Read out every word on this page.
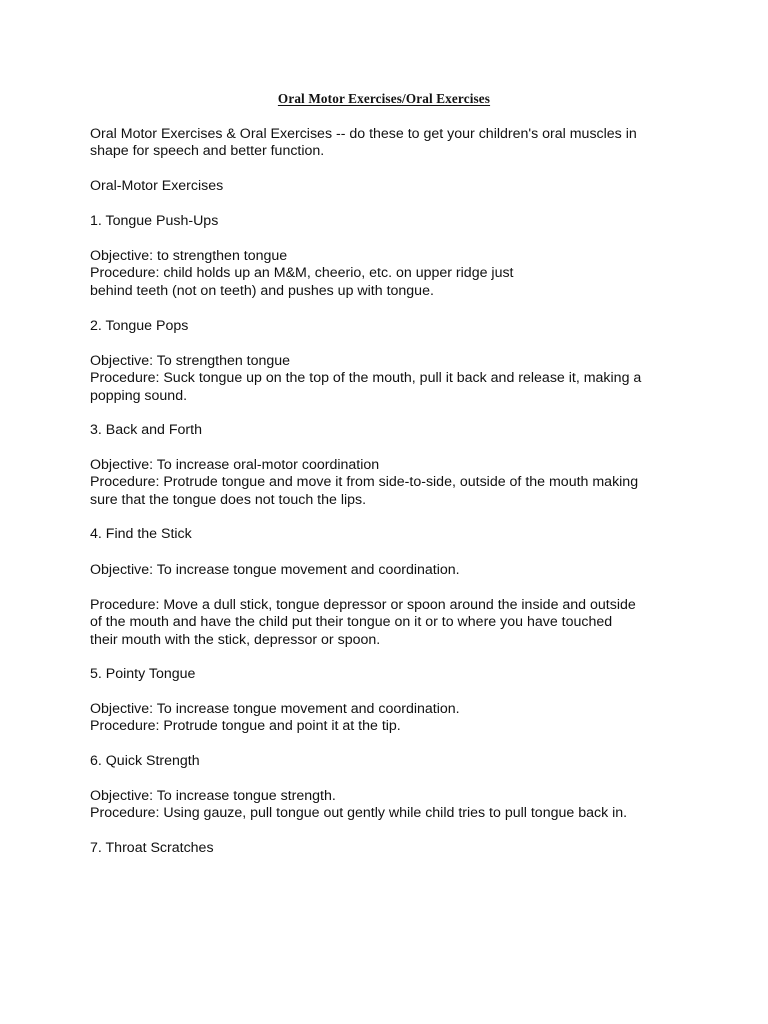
Oral Motor Exercises/Oral Exercises

Oral Motor Exercises & Oral Exercises -- do these to get your children's oral muscles in
shape for speech and better function.

Oral-Motor Exercises

1. Tongue Push-Ups

Objective: to strengthen tongue
Procedure: child holds up an M&M, cheerio, etc. on upper ridge just
behind teeth (not on teeth) and pushes up with tongue.

2. Tongue Pops

Objective: To strengthen tongue
Procedure: Suck tongue up on the top of the mouth, pull it back and release it, making a
popping sound.

3. Back and Forth

Objective: To increase oral-motor coordination
Procedure: Protrude tongue and move it from side-to-side, outside of the mouth making
sure that the tongue does not touch the lips.

4. Find the Stick

Objective: To increase tongue movement and coordination.

Procedure: Move a dull stick, tongue depressor or spoon around the inside and outside
of the mouth and have the child put their tongue on it or to where you have touched
their mouth with the stick, depressor or spoon.

5. Pointy Tongue

Objective: To increase tongue movement and coordination.
Procedure: Protrude tongue and point it at the tip.

6. Quick Strength

Objective: To increase tongue strength.
Procedure: Using gauze, pull tongue out gently while child tries to pull tongue back in.

7. Throat Scratches
